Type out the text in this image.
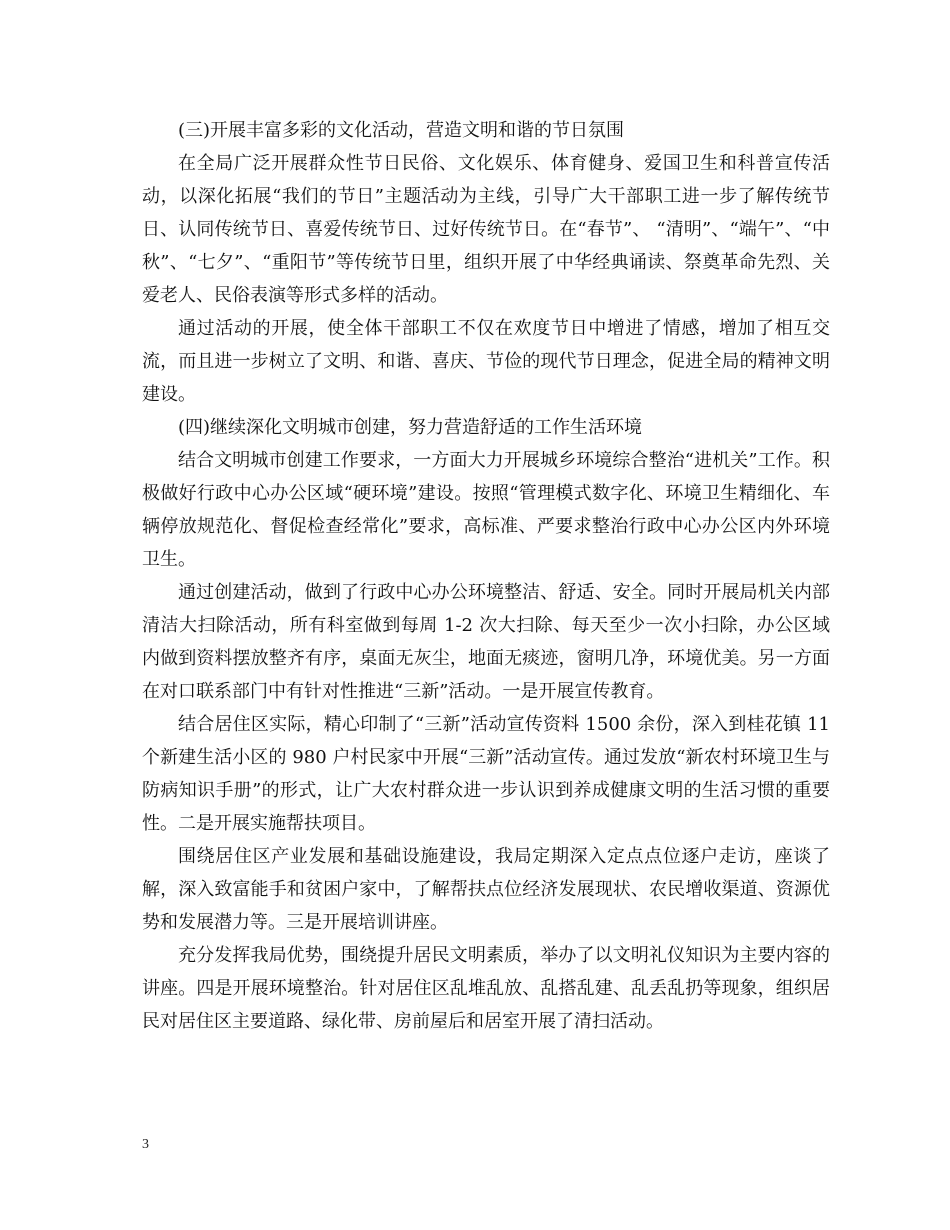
(三)开展丰富多彩的文化活动，营造文明和谐的节日氛围

在全局广泛开展群众性节日民俗、文化娱乐、体育健身、爱国卫生和科普宣传活动，以深化拓展“我们的节日”主题活动为主线，引导广大干部职工进一步了解传统节日、认同传统节日、喜爱传统节日、过好传统节日。在“春节”、 “清明”、“端午”、“中秋”、“七夕”、“重阳节”等传统节日里，组织开展了中华经典诵读、祭奠革命先烈、关爱老人、民俗表演等形式多样的活动。

通过活动的开展，使全体干部职工不仅在欢度节日中增进了情感，增加了相互交流，而且进一步树立了文明、和谐、喜庆、节俭的现代节日理念，促进全局的精神文明建设。

(四)继续深化文明城市创建，努力营造舒适的工作生活环境

结合文明城市创建工作要求，一方面大力开展城乡环境综合整治“进机关”工作。积极做好行政中心办公区域“硬环境”建设。按照“管理模式数字化、环境卫生精细化、车辆停放规范化、督促检查经常化”要求，高标准、严要求整治行政中心办公区内外环境卫生。

通过创建活动，做到了行政中心办公环境整洁、舒适、安全。同时开展局机关内部清洁大扫除活动，所有科室做到每周 1-2 次大扫除、每天至少一次小扫除，办公区域内做到资料摆放整齐有序，桌面无灰尘，地面无痰迹，窗明几净，环境优美。另一方面在对口联系部门中有针对性推进“三新”活动。一是开展宣传教育。

结合居住区实际，精心印制了“三新”活动宣传资料 1500 余份，深入到桂花镇 11 个新建生活小区的 980 户村民家中开展“三新”活动宣传。通过发放“新农村环境卫生与防病知识手册”的形式，让广大农村群众进一步认识到养成健康文明的生活习惯的重要性。二是开展实施帮扶项目。

围绕居住区产业发展和基础设施建设，我局定期深入定点点位逐户走访，座谈了解，深入致富能手和贫困户家中，了解帮扶点位经济发展现状、农民增收渠道、资源优势和发展潜力等。三是开展培训讲座。

充分发挥我局优势，围绕提升居民文明素质，举办了以文明礼仪知识为主要内容的讲座。四是开展环境整治。针对居住区乱堆乱放、乱搭乱建、乱丢乱扔等现象，组织居民对居住区主要道路、绿化带、房前屋后和居室开展了清扫活动。

3
